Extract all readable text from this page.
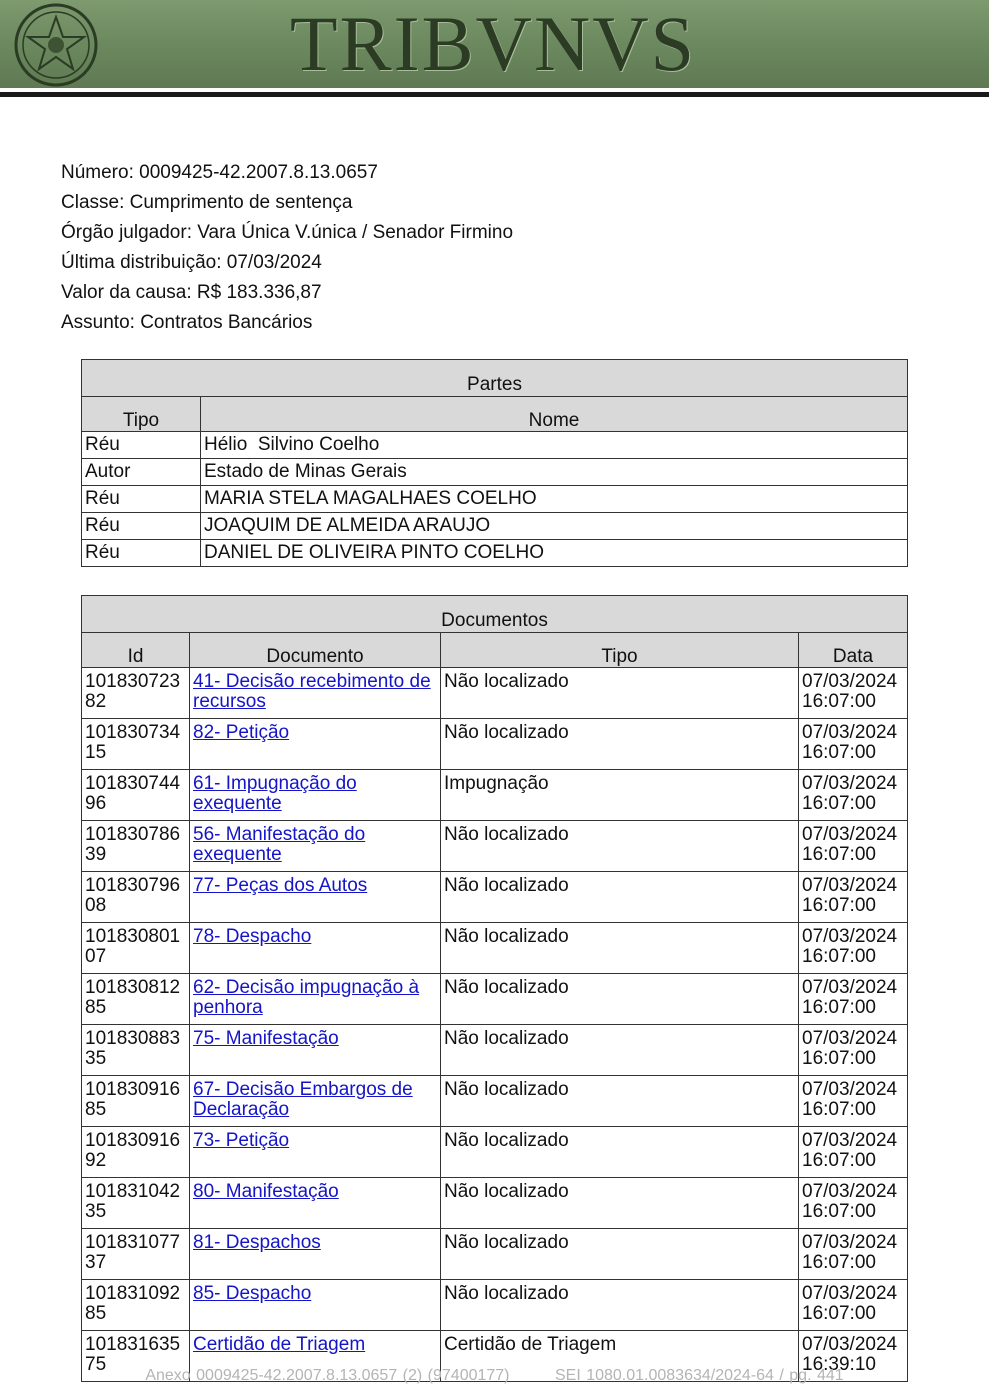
TRIBVNVS
Número: 0009425-42.2007.8.13.0657
Classe: Cumprimento de sentença
Órgão julgador: Vara Única V.única / Senador Firmino
Última distribuição: 07/03/2024
Valor da causa: R$ 183.336,87
Assunto: Contratos Bancários
Partes	
Tipo	Nome
Réu	Hélio  Silvino Coelho
Autor	Estado de Minas Gerais
Réu	MARIA STELA MAGALHAES COELHO
Réu	JOAQUIM DE ALMEIDA ARAUJO
Réu	DANIEL DE OLIVEIRA PINTO COELHO
Documentos			
Id	Documento	Tipo	Data
10183072382	41- Decisão recebimento de recursos	Não localizado	07/03/2024 16:07:00
10183073415	82- Petição	Não localizado	07/03/2024 16:07:00
10183074496	61- Impugnação do exequente	Impugnação	07/03/2024 16:07:00
10183078639	56- Manifestação do exequente	Não localizado	07/03/2024 16:07:00
10183079608	77- Peças dos Autos	Não localizado	07/03/2024 16:07:00
10183080107	78- Despacho	Não localizado	07/03/2024 16:07:00
10183081285	62- Decisão impugnação à penhora	Não localizado	07/03/2024 16:07:00
10183088335	75- Manifestação	Não localizado	07/03/2024 16:07:00
10183091685	67- Decisão Embargos de Declaração	Não localizado	07/03/2024 16:07:00
10183091692	73- Petição	Não localizado	07/03/2024 16:07:00
10183104235	80- Manifestação	Não localizado	07/03/2024 16:07:00
10183107737	81- Despachos	Não localizado	07/03/2024 16:07:00
10183109285	85- Despacho	Não localizado	07/03/2024 16:07:00
10183163575	Certidão de Triagem	Certidão de Triagem	07/03/2024 16:39:10
Anexo 0009425-42.2007.8.13.0657 (2) (97400177)	SEI 1080.01.0083634/2024-64 / pg. 441
